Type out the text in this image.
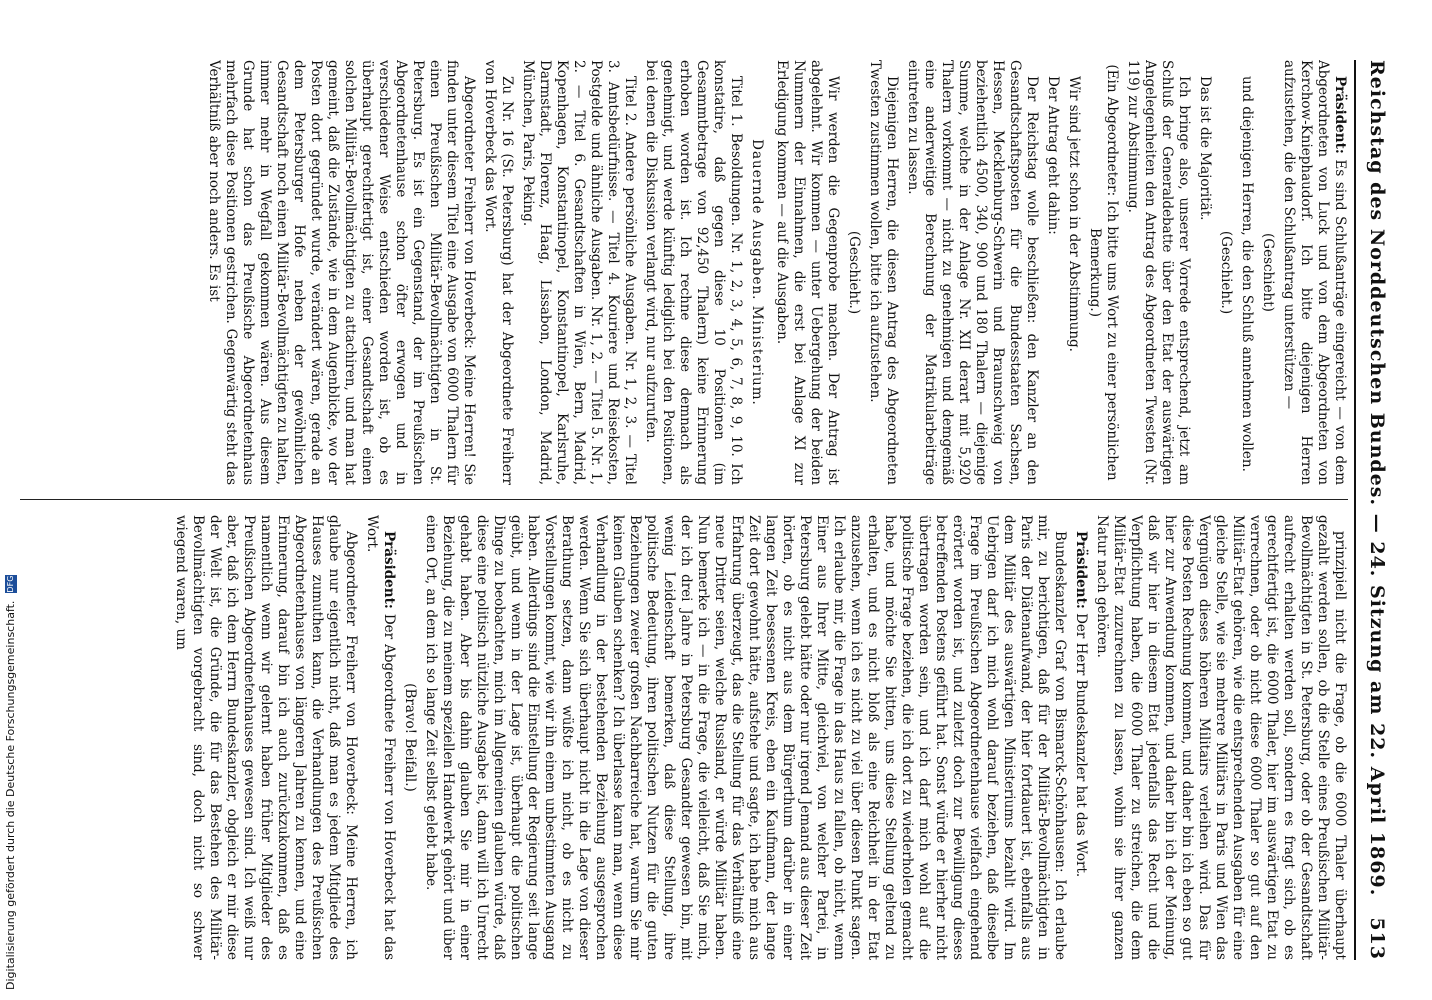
Reichstag des Norddeutschen Bundes. — 24. Sitzung am 22. April 1869.
513

Präsident: Es sind Schlußanträge eingereicht — von dem Abgeordneten von Luck und von dem Abgeordneten von Kerchow-Kniephaudorf. Ich bitte diejenigen Herren aufzustehen, die den Schlußantrag unterstützen —

(Geschieht)

und diejenigen Herren, die den Schluß annehmen wollen.

(Geschieht.)

Das ist die Majorität.

Ich bringe also, unserer Vorrede entsprechend, jetzt am Schluß der Generaldebatte über den Etat der auswärtigen Angelegenheiten den Antrag des Abgeordneten Twesten (Nr. 119) zur Abstimmung.

(Ein Abgeordneter: Ich bitte ums Wort zu einer persönlichen Bemerkung.)

Wir sind jetzt schon in der Abstimmung.

Der Antrag geht dahin:

Der Reichstag wolle beschließen: den Kanzler an den Gesandtschaftsposten für die Bundesstaaten Sachsen, Hessen, Mecklenburg-Schwerin und Braunschweig von beziehentlich 4500, 340, 900 und 180 Thalern — diejenige Summe, welche in der Anlage Nr. XII derart mit 5,920 Thalern vorkommt — nicht zu genehmigen und demgemäß eine anderweitige Berechnung der Matrikularbeiträge eintreten zu lassen.

Diejenigen Herren, die diesen Antrag des Abgeordneten Twesten zustimmen wollen, bitte ich aufzustehen.

(Geschieht.)

Wir werden die Gegenprobe machen. Der Antrag ist abgelehnt. Wir kommen — unter Uebergehung der beiden Nummern der Einnahmen, die erst bei Anlage XI zur Erledigung kommen — auf die Ausgaben.

Dauernde Ausgaben. Ministerium.

Titel 1. Besoldungen. Nr. 1, 2, 3, 4, 5, 6, 7, 8, 9, 10. Ich konstatire, daß gegen diese 10 Positionen (im Gesammtbetrage von 92,450 Thalern) keine Erinnerung erhoben worden ist. Ich rechne diese demnach als genehmigt, und werde künftig lediglich bei den Positionen, bei denen die Diskussion verlangt wird, nur aufzurufen.

Titel 2. Andere persönliche Ausgaben. Nr. 1, 2, 3. — Titel 3. Amtsbedürfnisse. — Titel 4. Kouriere und Reisekosten, Postgelde und ähnliche Ausgaben. Nr. 1, 2. — Titel 5. Nr. 1, 2. — Titel 6. Gesandtschaften in Wien, Bern, Madrid, Kopenhagen, Konstantinopel, Konstantinopel, Karlsruhe, Darmstadt, Florenz, Haag, Lissabon, London, Madrid, München, Paris, Peking.

Zu Nr. 16 (St. Petersburg) hat der Abgeordnete Freiherr von Hoverbeck das Wort.

Abgeordneter Freiherr von Hoverbeck: Meine Herren! Sie finden unter diesem Titel eine Ausgabe von 6000 Thalern für einen Preußischen Militär-Bevollmächtigten in St. Petersburg. Es ist ein Gegenstand, der im Preußischen Abgeordnetenhause schon öfter erwogen und in verschiedener Weise entschieden worden ist, ob es überhaupt gerechtfertigt ist, einer Gesandtschaft einen solchen Militär-Bevollmächtigten zu attachiren, und man hat gemeint, daß die Zustände, wie in dem Augenblicke, wo der Posten dort gegründet wurde, verändert wären, gerade an dem Petersburger Hofe neben der gewöhnlichen Gesandtschaft noch einen Militär-Bevollmächtigten zu halten, immer mehr in Wegfall gekommen wären. Aus diesem Grunde hat schon das Preußische Abgeordnetenhaus mehrfach diese Positionen gestrichen. Gegenwärtig steht das Verhältniß aber noch anders. Es ist

prinzipiell nicht die Frage, ob die 6000 Thaler überhaupt gezahlt werden sollen, ob die Stelle eines Preußischen Militär-Bevollmächtigten in St. Petersburg, oder ob der Gesandtschaft aufrecht erhalten werden soll, sondern es fragt sich, ob es gerechtfertigt ist, die 6000 Thaler, hier im auswärtigen Etat zu verrechnen, oder ob nicht diese 6000 Thaler so gut auf den Militär-Etat gehören, wie die entsprechenden Ausgaben für eine gleiche Stelle, wie sie mehrere Militärs in Paris und Wien das Vergnügen dieses höheren Militairs verleihen wird. Das für diese Posten Rechnung kommen, und daher bin ich eben so gut hier zur Anwendung kommen, und daher bin ich der Meinung, daß wir hier in diesem Etat jedenfalls das Recht und die Verpflichtung haben, die 6000 Thaler zu streichen, die dem Militär-Etat zuzurechnen zu lassen, wohin sie ihrer ganzen Natur nach gehören.

Präsident: Der Herr Bundeskanzler hat das Wort.

Bundeskanzler Graf von Bismarck-Schönhausen: Ich erlaube mir, zu berichtigen, daß für der Militär-Bevollmächtigten in Paris der Diätenaufwand, der hier fortdauert ist, ebenfalls aus dem Militär des auswärtigen Ministeriums bezahlt wird. Im Uebrigen darf ich mich wohl darauf beziehen, daß dieselbe Frage im Preußischen Abgeordnetenhause vielfach eingehend erörtert worden ist, und zuletzt doch zur Bewilligung dieses betreffenden Postens geführt hat. Sonst würde er hierher nicht übertragen worden sein, und ich darf mich wohl auf die politische Frage beziehen, die ich dort zu wiederholen gemacht habe, und möchte Sie bitten, uns diese Stellung geltend zu erhalten, und es nicht bloß als eine Reichheit in der Etat anzusehen, wenn ich es nicht zu viel über diesen Punkt sagen. Ich erlaube mir, die Frage in das Haus zu fallen, ob nicht, wenn Einer aus Ihrer Mitte, gleichviel, von welcher Partei, in Petersburg gelebt hätte oder nur irgend Jemand aus dieser Zeit hörten, ob es nicht aus dem Bürgerthum darüber in einer langen Zeit besessenen Kreis, eben ein Kaufmann, der lange Zeit dort gewohnt hätte, aufstehe und sagte, ich habe mich aus Erfahrung überzeugt, das die Stellung für das Verhältniß eine neue Dritter seien, welche Russland, er würde Militär haben. Nun bemerke ich — in die Frage, die vielleicht, daß Sie mich, der ich drei Jahre in Petersburg Gesandter gewesen bin, mit wenig Leidenschaft bemerken, daß diese Stellung, ihre politische Bedeutung, ihren politischen Nutzen für die guten Beziehungen zweier großen Nachbarreiche hat, warum Sie mir keinen Glauben schenken? Ich überlasse kann man, wenn diese Verhandlung in der bestehenden Beziehung ausgesprochen werden. Wenn Sie sich überhaupt nicht in die Lage von dieser Berathung setzen, dann wüßte ich nicht, ob es nicht zu Vorstellungen kommt, wie wir ihn einem unbestimmten Ausgang haben. Allerdings sind die Einstellung der Regierung seit lange geübt, und wenn in der Lage ist, überhaupt die politischen Dinge zu beobachten, mich im Allgemeinen glauben würde, daß diese eine politisch nützliche Ausgabe ist, dann will ich Unrecht gehabt haben. Aber bis dahin glauben Sie mir in einer Beziehung, die zu meinem speziellen Handwerk gehört und über einen Ort, an dem ich so lange Zeit selbst gelebt habe.

(Bravo! Beifall.)

Präsident: Der Abgeordnete Freiherr von Hoverbeck hat das Wort.

Abgeordneter Freiherr von Hoverbeck: Meine Herren, ich glaube nur eigentlich nicht, daß man es jedem Mitgliede des Hauses zumuthen kann, die Verhandlungen des Preußischen Abgeordnetenhauses von längeren Jahren zu kennen, und eine Erinnerung, darauf bin ich auch zurückzukommen, daß es namentlich wenn wir gelernt haben früher Mitglieder des Preußischen Abgeordnetenhauses gewesen sind. Ich weiß nur aber, daß ich dem Herrn Bundeskanzler, obgleich er mir diese der Welt ist, die Gründe, die für das Bestehen des Militär-Bevollmächtigten vorgebracht sind, doch nicht so schwer wiegend waren, um

Digitalisierung gefördert durch die Deutsche Forschungsgemeinschaft. DFG
